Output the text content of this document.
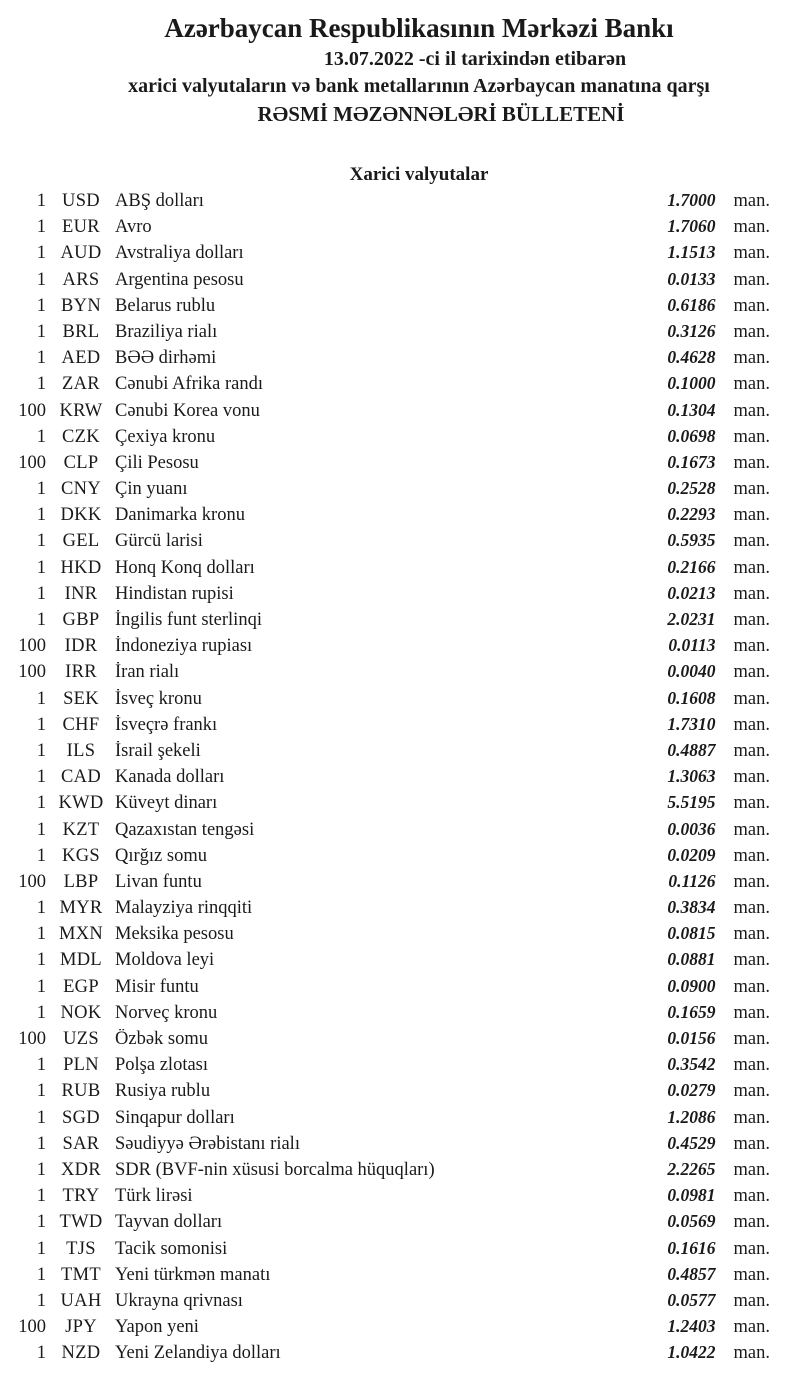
Azərbaycan Respublikasının Mərkəzi Bankı
13.07.2022 -ci il tarixindən etibarən
xarici valyutaların və bank metallarının Azərbaycan manatına qarşı
RƏSMİ MƏZƏNNƏLƏRİ BÜLLETENİ
Xarici valyutalar
1 USD ABŞ dolları	1.7000 man.
1 EUR Avro	1.7060 man.
1 AUD Avstraliya dolları	1.1513 man.
1 ARS Argentina pesosu	0.0133 man.
1 BYN Belarus rublu	0.6186 man.
1 BRL Braziliya rialı	0.3126 man.
1 AED BƏƏ dirhəmi	0.4628 man.
1 ZAR Cənubi Afrika randı	0.1000 man.
100 KRW Cənubi Korea vonu	0.1304 man.
1 CZK Çexiya kronu	0.0698 man.
100 CLP Çili Pesosu	0.1673 man.
1 CNY Çin yuanı	0.2528 man.
1 DKK Danimarka kronu	0.2293 man.
1 GEL Gürcü larisi	0.5935 man.
1 HKD Honq Konq dolları	0.2166 man.
1	INR Hindistan rupisi	0.0213 man.
1 GBP İngilis funt sterlinqi	2.0231 man.
100	IDR İndoneziya rupiası	0.0113 man.
100	IRR İran rialı	0.0040 man.
1 SEK İsveç kronu	0.1608 man.
1 CHF İsveçrə frankı	1.7310 man.
1	ILS	İsrail şekeli	0.4887 man.
1 CAD Kanada dolları	1.3063 man.
1 KWD Küveyt dinarı	5.5195 man.
1 KZT Qazaxıstan tengəsi	0.0036 man.
1 KGS Qırğız somu	0.0209 man.
100 LBP Livan funtu	0.1126 man.
1 MYR Malayziya rinqqiti	0.3834 man.
1 MXN Meksika pesosu	0.0815 man.
1 MDL Moldova leyi	0.0881 man.
1 EGP Misir funtu	0.0900 man.
1 NOK Norveç kronu	0.1659 man.
100 UZS Özbək somu	0.0156 man.
1 PLN Polşa zlotası	0.3542 man.
1 RUB Rusiya rublu	0.0279 man.
1 SGD Sinqapur dolları	1.2086 man.
1 SAR Səudiyyə Ərəbistanı rialı	0.4529 man.
1 XDR SDR (BVF-nin xüsusi borcalma hüquqları)	2.2265 man.
1 TRY Türk lirəsi	0.0981 man.
1 TWD Tayvan dolları	0.0569 man.
1	TJS	Tacik somonisi	0.1616 man.
1 TMT Yeni türkmən manatı	0.4857 man.
1 UAH Ukrayna qrivnası	0.0577 man.
100	JPY Yapon yeni	1.2403 man.
1 NZD Yeni Zelandiya dolları	1.0422 man.
